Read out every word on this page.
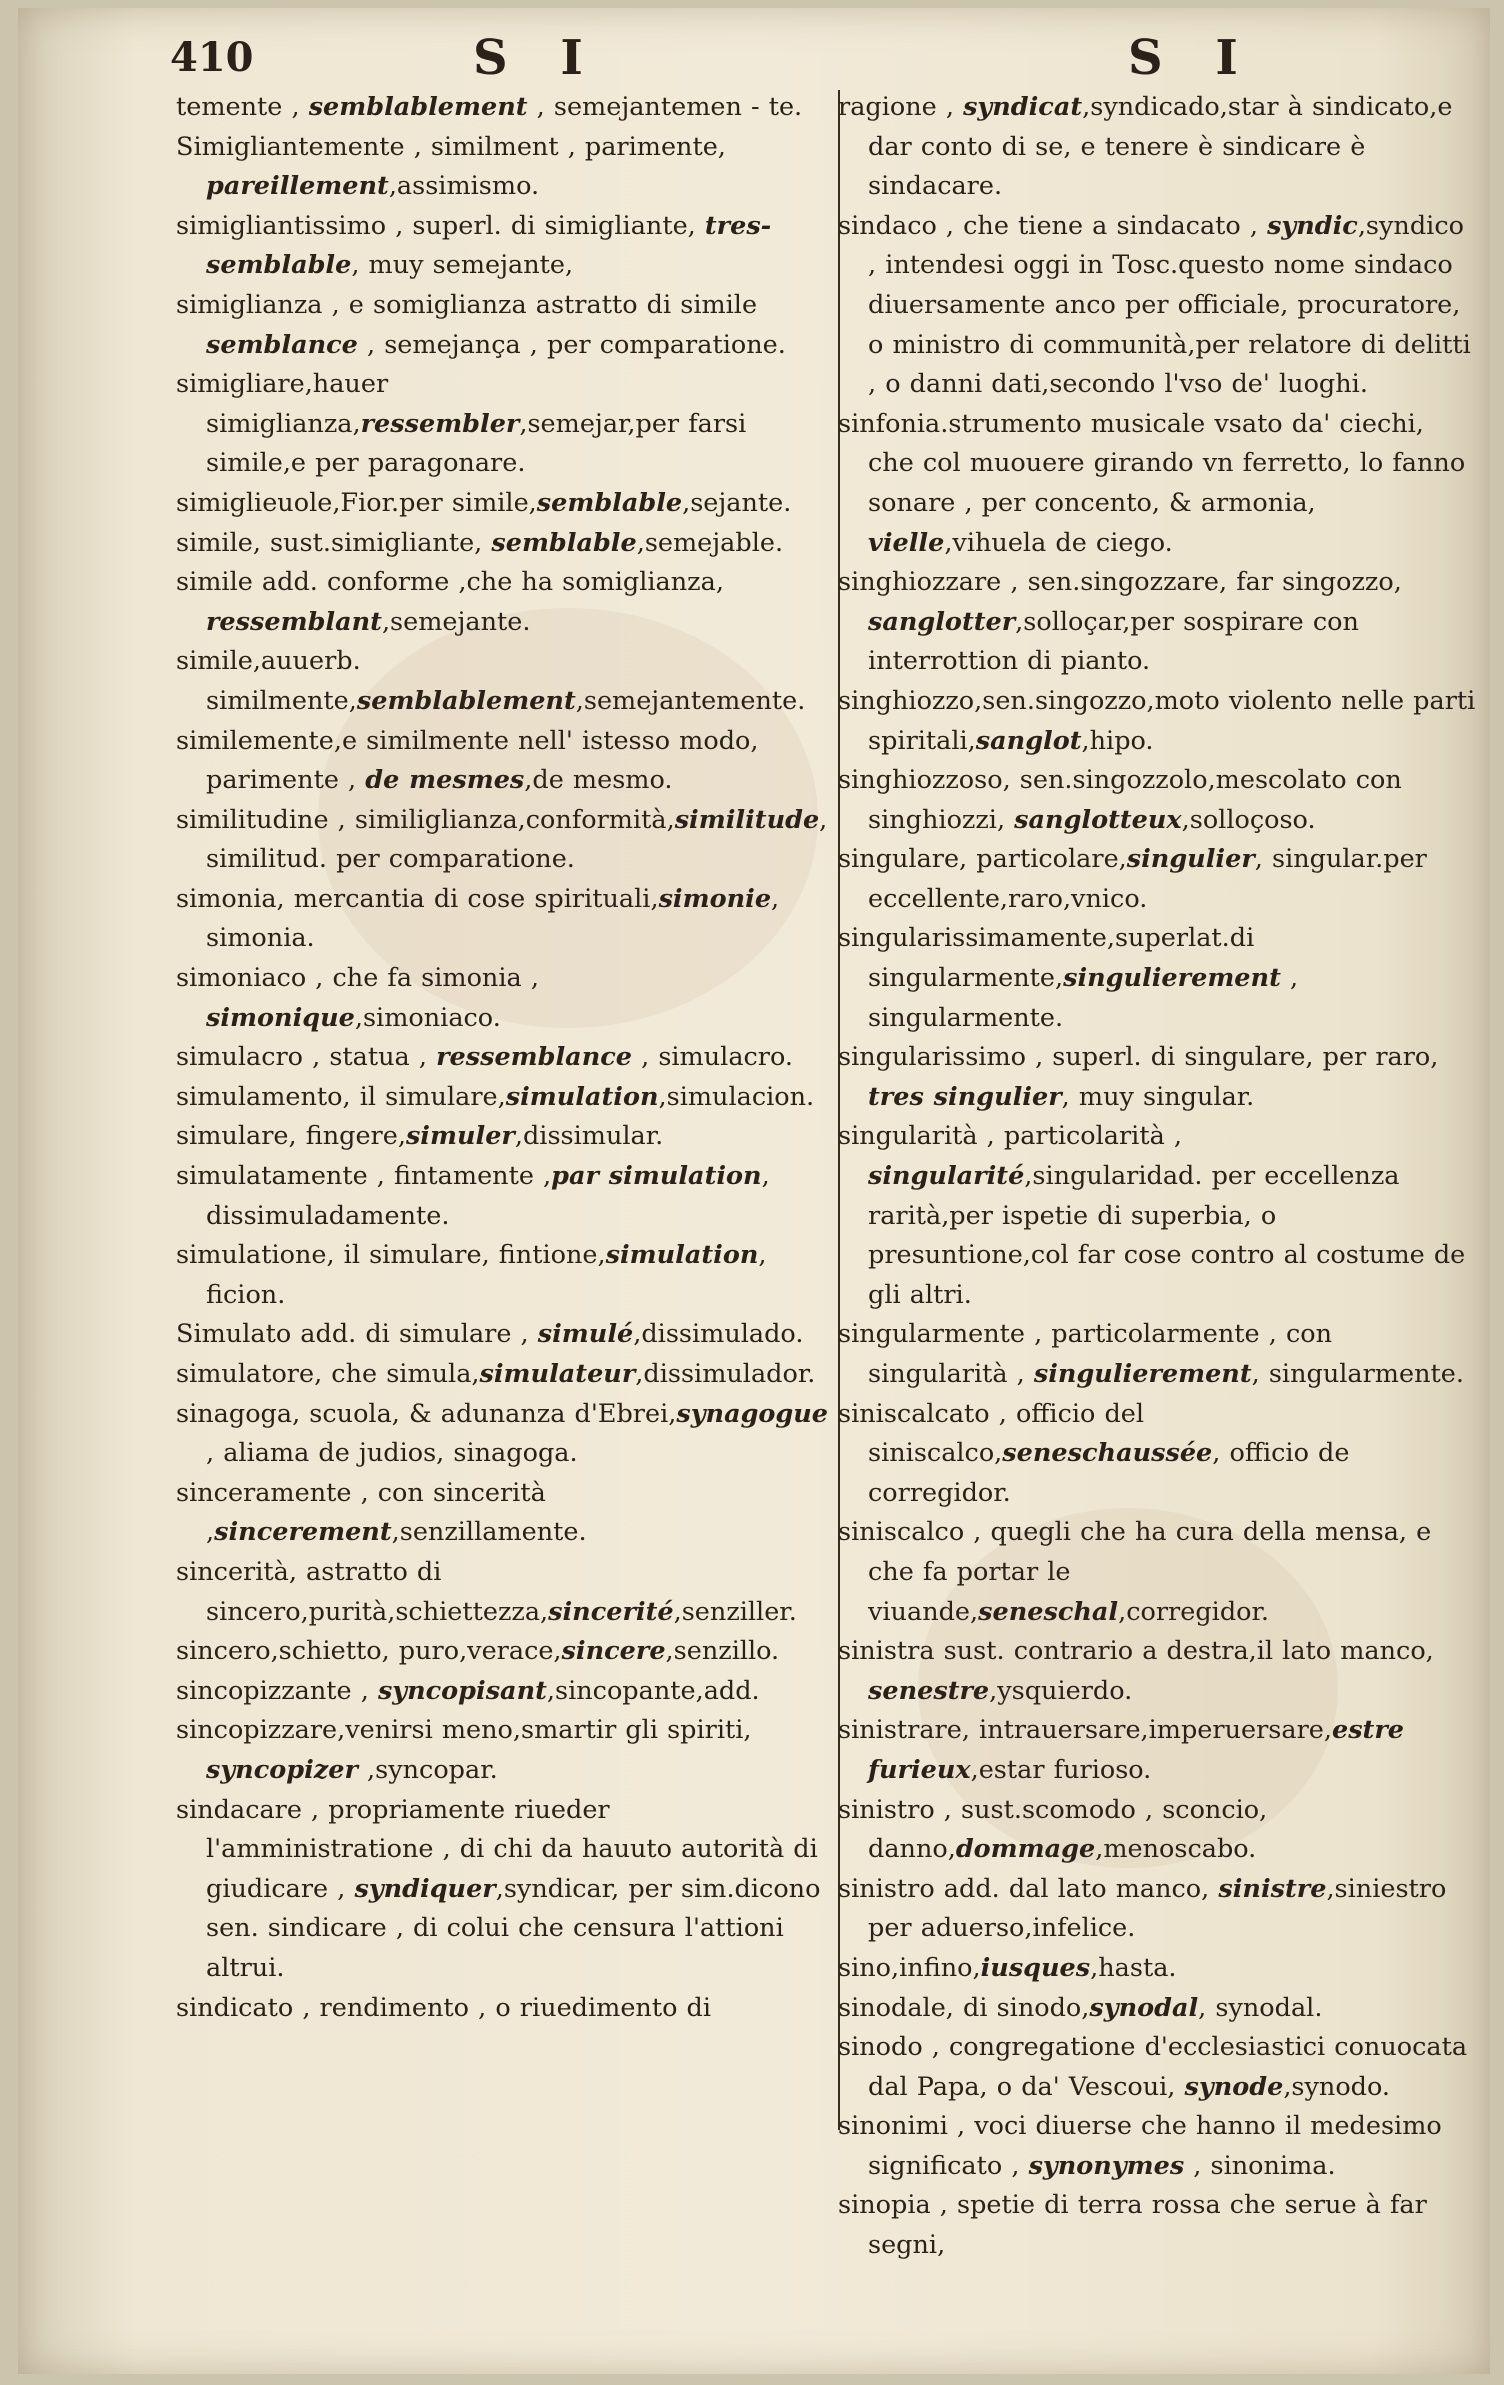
410	S I	S I
temente , semblablement , semejantemen - te.
Simigliantemente , similment , parimente, pareillement,assimismo.
simigliantissimo , superl. di simigliante, tres-semblable, muy semejante,
simiglianza , e somiglianza astratto di simile semblance , semejança , per comparatione.
simigliare,hauer simiglianza,ressembler,semejar,per farsi simile,e per paragonare.
simiglieuole,Fior.per simile,semblable,sejante.
simile, sust.simigliante, semblable,semejable.
simile add. conforme ,che ha somiglianza, ressemblant,semejante.
simile,auuerb. similmente,semblablement,semejantemente.
similemente,e similmente nell' istesso modo, parimente , de mesmes,de mesmo.
similitudine , similiglianza,conformità,similitude, similitud. per comparatione.
simonia, mercantia di cose spirituali,simonie, simonia.
simoniaco , che fa simonia , simonique,simoniaco.
simulacro , statua , ressemblance , simulacro.
simulamento, il simulare,simulation,simulacion.
simulare, fingere,simuler,dissimular.
simulatamente , fintamente ,par simulation, dissimuladamente.
simulatione, il simulare, fintione,simulation, ficion.
Simulato add. di simulare , simulé,dissimulado.
simulatore, che simula,simulateur,dissimulador.
sinagoga, scuola, & adunanza d'Ebrei,synagogue , aliama de judios, sinagoga.
sinceramente , con sincerità ,sincerement,senzillamente.
sincerità, astratto di sincero,purità,schiettezza,sincerité,senziller.
sincero,schietto, puro,verace,sincere,senzillo.
sincopizzante , syncopisant,sincopante,add.
sincopizzare,venirsi meno,smartir gli spiriti, syncopizer ,syncopar.
sindacare , propriamente riueder l'amministratione , di chi da hauuto autorità di giudicare , syndiquer,syndicar, per sim.dicono sen. sindicare , di colui che censura l'attioni altrui.
sindicato , rendimento , o riuedimento di
ragione , syndicat,syndicado,star à sindicato,e dar conto di se, e tenere è sindicare è sindacare.
sindaco , che tiene a sindacato , syndic,syndico , intendesi oggi in Tosc.questo nome sindaco diuersamente anco per officiale, procuratore, o ministro di communità,per relatore di delitti , o danni dati,secondo l'vso de' luoghi.
sinfonia.strumento musicale vsato da' ciechi, che col muouere girando vn ferretto, lo fanno sonare , per concento, & armonia, vielle,vihuela de ciego.
singhiozzare , sen.singozzare, far singozzo, sanglotter,solloçar,per sospirare con interrottion di pianto.
singhiozzo,sen.singozzo,moto violento nelle parti spiritali,sanglot,hipo.
singhiozzoso, sen.singozzolo,mescolato con singhiozzi, sanglotteux,solloçoso.
singulare, particolare,singulier, singular.per eccellente,raro,vnico.
singularissimamente,superlat.di singularmente,singulierement , singularmente.
singularissimo , superl. di singulare, per raro, tres singulier, muy singular.
singularità , particolarità , singularité,singularidad. per eccellenza rarità,per ispetie di superbia, o presuntione,col far cose contro al costume de gli altri.
singularmente , particolarmente , con singularità , singulierement, singularmente.
siniscalcato , officio del siniscalco,seneschaussée, officio de corregidor.
siniscalco , quegli che ha cura della mensa, e che fa portar le viuande,seneschal,corregidor.
sinistra sust. contrario a destra,il lato manco, senestre,ysquierdo.
sinistrare, intrauersare,imperuersare,estre furieux,estar furioso.
sinistro , sust.scomodo , sconcio, danno,dommage,menoscabo.
sinistro add. dal lato manco, sinistre,siniestro per aduerso,infelice.
sino,infino,iusques,hasta.
sinodale, di sinodo,synodal, synodal.
sinodo , congregatione d'ecclesiastici conuocata dal Papa, o da' Vescoui, synode,synodo.
sinonimi , voci diuerse che hanno il medesimo significato , synonymes , sinonima.
sinopia , spetie di terra rossa che serue à far segni,
